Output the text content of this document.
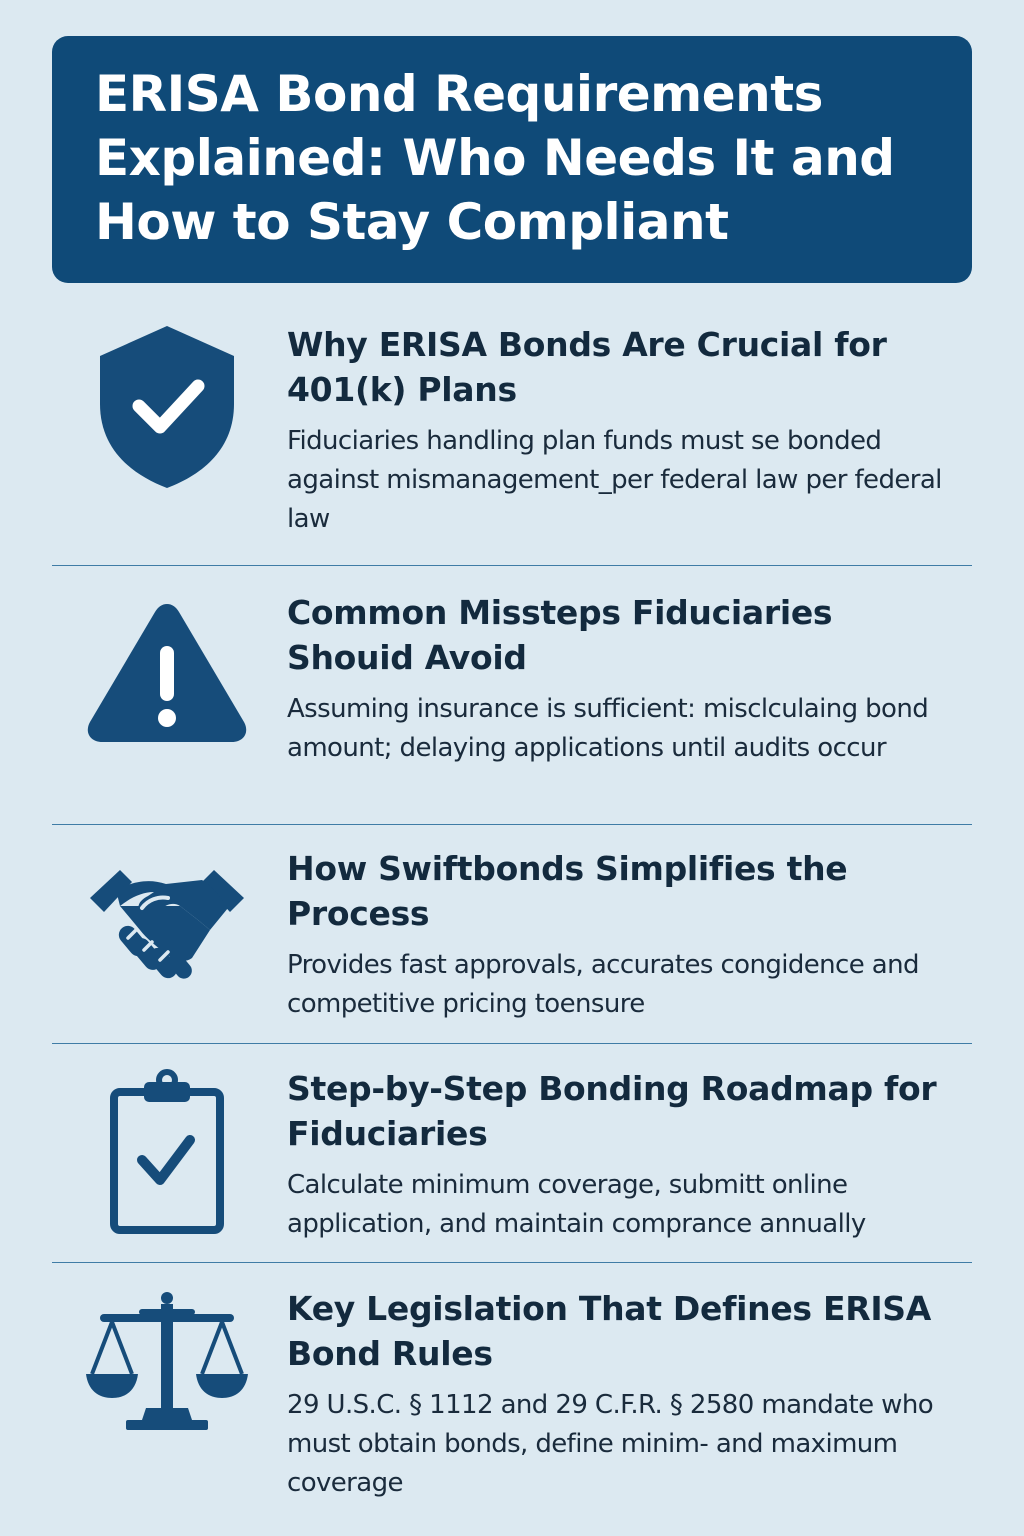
ERISA Bond Requirements Explained: Who Needs It and How to Stay Compliant
Why ERISA Bonds Are Crucial for 401(k) Plans

Fiduciaries handling plan funds must se bonded against mismanagement_per federal law per federal law

Common Missteps Fiduciaries Shouid Avoid

Assuming insurance is sufficient: misclculaing bond amount; delaying applications until audits occur

How Swiftbonds Simplifies the Process

Provides fast approvals, accurates congidence and competitive pricing toensure

Step-by-Step Bonding Roadmap for Fiduciaries

Calculate minimum coverage, submitt online application, and maintain comprance annually

Key Legislation That Defines ERISA Bond Rules

29 U.S.C. § 1112 and 29 C.F.R. § 2580 mandate who must obtain bonds, define minim- and maximum coverage
